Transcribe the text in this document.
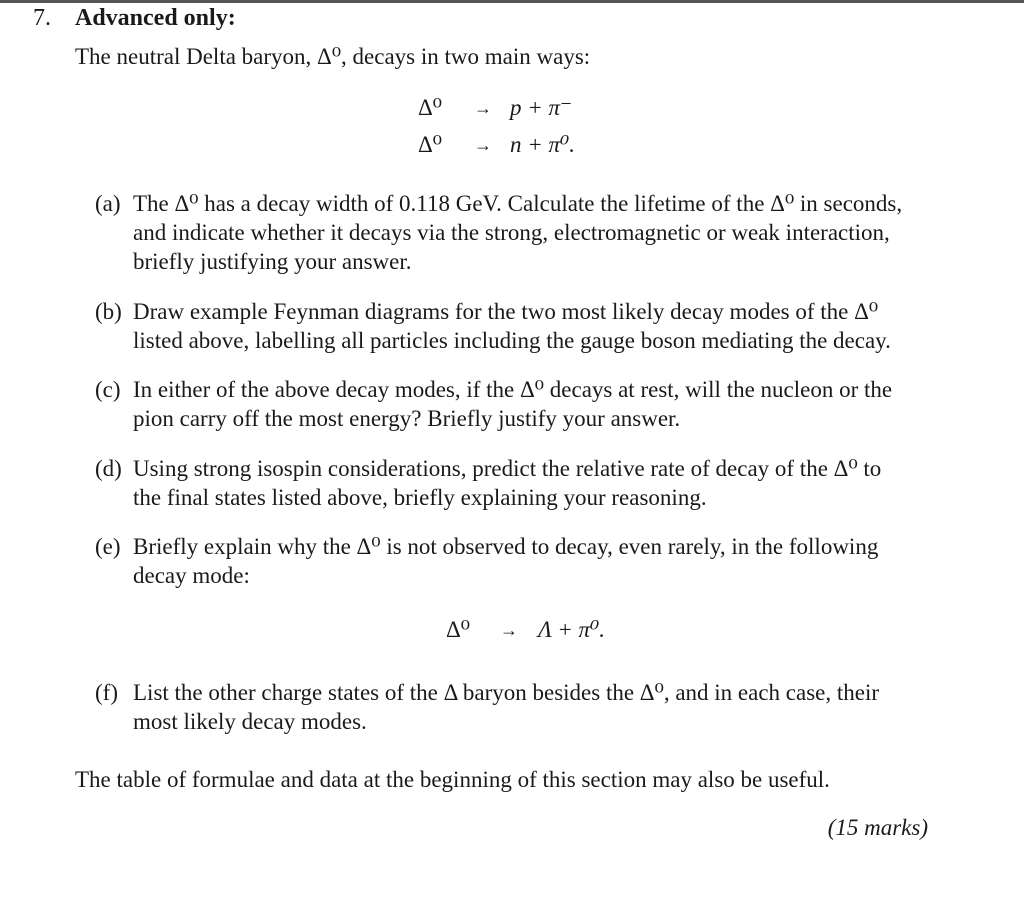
7. Advanced only:
The neutral Delta baryon, Δ⁰, decays in two main ways:
Δ⁰ → p + π⁻
Δ⁰ → n + π⁰.
(a) The Δ⁰ has a decay width of 0.118 GeV. Calculate the lifetime of the Δ⁰ in seconds,
and indicate whether it decays via the strong, electromagnetic or weak interaction,
briefly justifying your answer.
(b) Draw example Feynman diagrams for the two most likely decay modes of the Δ⁰
listed above, labelling all particles including the gauge boson mediating the decay.
(c) In either of the above decay modes, if the Δ⁰ decays at rest, will the nucleon or the
pion carry off the most energy? Briefly justify your answer.
(d) Using strong isospin considerations, predict the relative rate of decay of the Δ⁰ to
the final states listed above, briefly explaining your reasoning.
(e) Briefly explain why the Δ⁰ is not observed to decay, even rarely, in the following
decay mode:
Δ⁰ → Λ + π⁰.
(f) List the other charge states of the Δ baryon besides the Δ⁰, and in each case, their
most likely decay modes.
The table of formulae and data at the beginning of this section may also be useful.
(15 marks)
